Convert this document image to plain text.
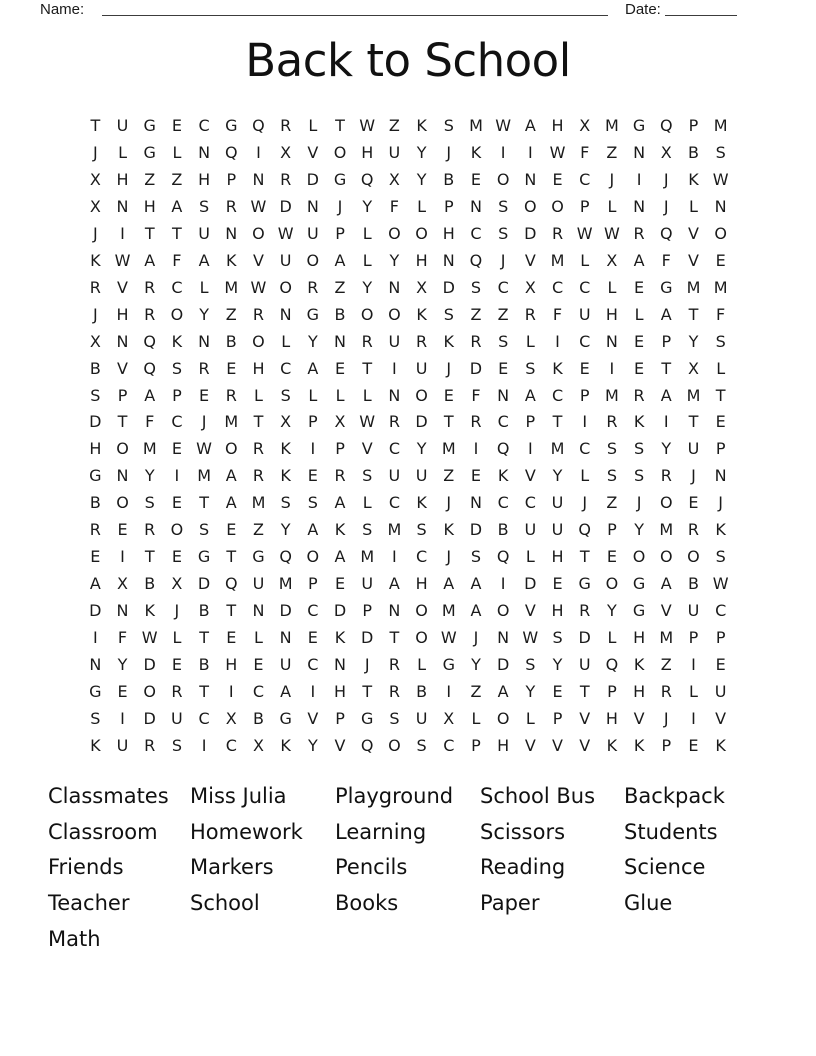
Name:	Date:
Back to School
T	U G E	C G Q R	L	T W Z	K	S M W A H X M G Q	P M
J	L	G	L	N Q	I	X	V O H U	Y	J	K	I	I	W F	Z N X	B	S
X H Z	Z H	P	N R D G Q X	Y	B	E O N	E	C	J	I	J	K W
X N H A	S	R W D N	J	Y	F	L	P	N	S O O	P	L	N	J	L	N
J	I	T	T	U N O W U	P	L	O O H C	S D R W W R Q V O
K W A	F	A	K	V U O A	L	Y	H N Q	J	V M L	X	A	F	V	E
R	V	R	C	L M W O R	Z	Y	N X D S	C	X	C	C	L	E G M M
J	H R O	Y	Z	R N G B O O K	S	Z	Z	R	F	U H	L	A	T	F
X N Q K N B O	L	Y	N R U R	K	R	S	L	I	C N	E	P	Y	S
B	V Q S	R	E	H C	A	E	T	I	U	J	D E	S	K	E	I	E	T	X	L
S	P	A	P	E	R	L	S	L	L	L	N O E	F	N A	C	P M R	A M T
D	T	F	C	J	M T	X	P	X W R D	T	R	C	P	T	I	R	K	I	T	E
H O M E W O R	K	I	P	V	C	Y M	I	Q	I	M C	S	S	Y	U	P
G N	Y	I	M A	R	K	E	R	S	U U Z	E	K	V	Y	L	S	S	R	J	N
B O S	E	T	A M S	S	A	L	C	K	J	N C	C U	J	Z	J	O E	J
R	E	R O S	E	Z	Y	A	K	S M S	K D B U U Q	P	Y M R	K
E	I	T	E G	T	G Q O A M	I	C	J	S Q	L	H	T	E O O O S
A	X	B	X D Q U M P	E	U A H A	A	I	D E G O G A	B W
D N K	J	B	T	N D C D	P	N O M A O V H R	Y	G V U C
I	F W L	T	E	L	N	E	K D	T	O W	J	N W S D	L	H M P	P
N	Y	D E	B H	E	U C N	J	R	L	G	Y	D S	Y	U Q K	Z	I	E
G E O R	T	I	C	A	I	H	T	R	B	I	Z	A	Y	E	T	P	H R	L	U
S	I	D U C	X	B G V	P	G S	U X	L	O	L	P	V H V	J	I	V
K	U R	S	I	C	X	K	Y	V Q O S	C	P	H V	V	V	K	K	P	E	K
Classmates
Classroom
Friends
Teacher
Math
Miss Julia
Homework
Markers
School
Playground
Learning
Pencils
Books
School Bus
Scissors
Reading
Paper
Backpack
Students
Science
Glue
